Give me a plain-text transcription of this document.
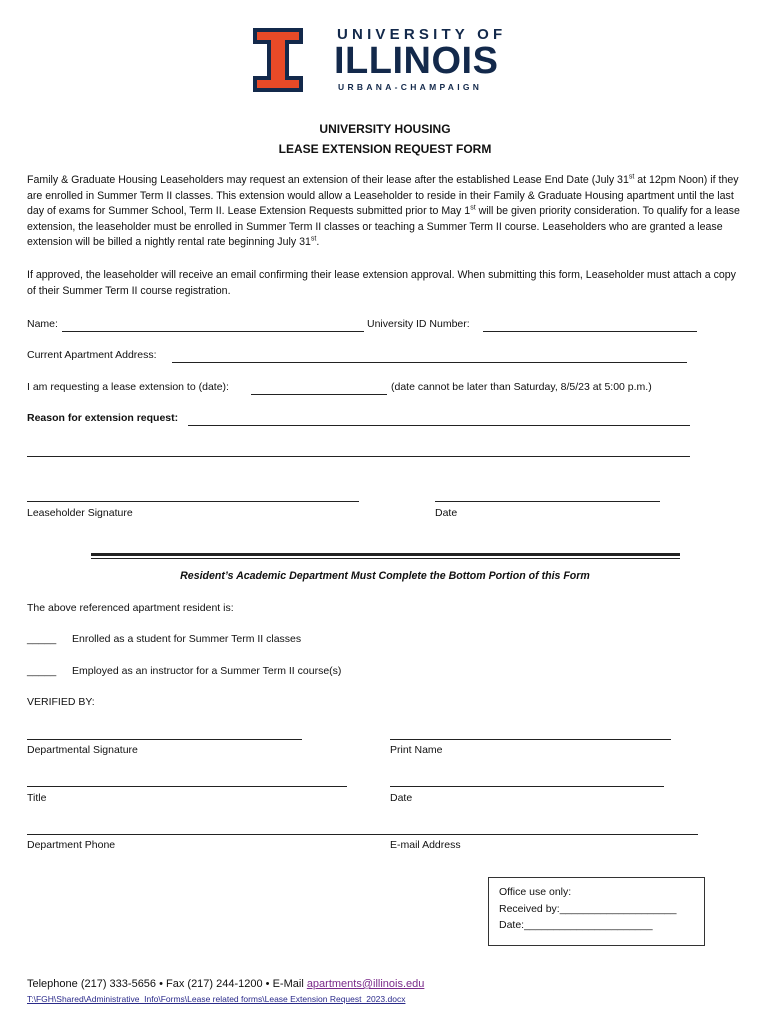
UNIVERSITY OF
ILLINOIS
URBANA-CHAMPAIGN
UNIVERSITY HOUSING
LEASE EXTENSION REQUEST FORM
Family & Graduate Housing Leaseholders may request an extension of their lease after the established Lease End Date (July 31st at 12pm Noon) if they are enrolled in Summer Term II classes. This extension would allow a Leaseholder to reside in their Family & Graduate Housing apartment until the last day of exams for Summer School, Term II. Lease Extension Requests submitted prior to May 1st will be given priority consideration. To qualify for a lease extension, the leaseholder must be enrolled in Summer Term II classes or teaching a Summer Term II course. Leaseholders who are granted a lease extension will be billed a nightly rental rate beginning July 31st.
If approved, the leaseholder will receive an email confirming their lease extension approval. When submitting this form, Leaseholder must attach a copy of their Summer Term II course registration.
Name:	University ID Number:
Current Apartment Address:
I am requesting a lease extension to (date):	(date cannot be later than Saturday, 8/5/23 at 5:00 p.m.)
Reason for extension request:
Leaseholder Signature	Date
Resident’s Academic Department Must Complete the Bottom Portion of this Form
The above referenced apartment resident is:
_____ Enrolled as a student for Summer Term II classes
_____ Employed as an instructor for a Summer Term II course(s)
VERIFIED BY:
Departmental Signature	Print Name
Title	Date
Department Phone	E-mail Address
Office use only:
Received by:____________________
Date:______________________
Telephone (217) 333-5656 • Fax (217) 244-1200 • E-Mail apartments@illinois.edu
T:\FGH\Shared\Administrative_Info\Forms\Lease related forms\Lease Extension Request_2023.docx
